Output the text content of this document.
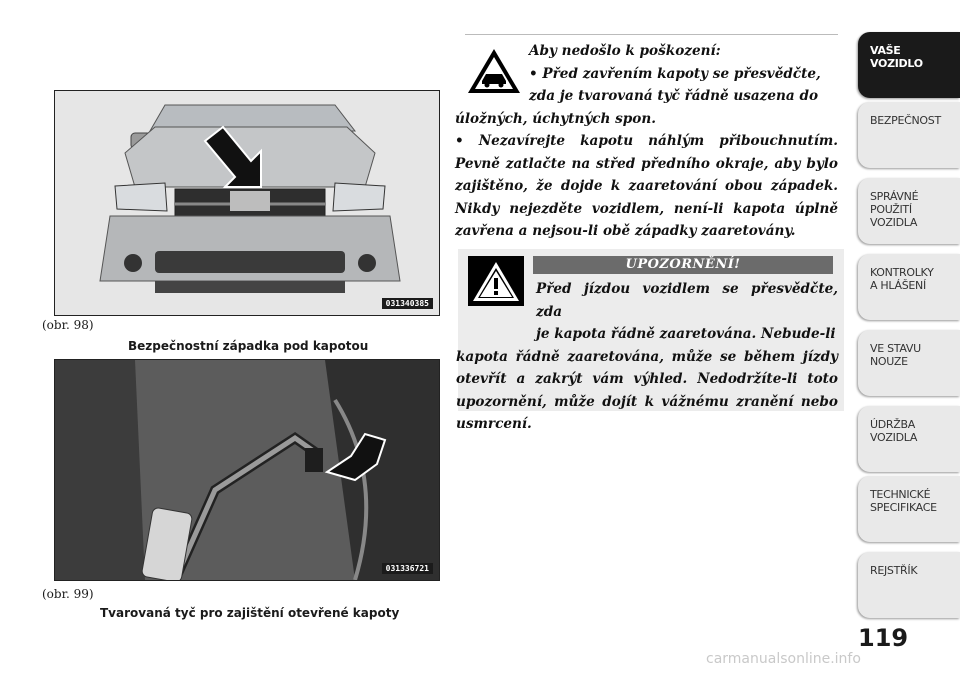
031340385
(obr. 98)
Bezpečnostní západka pod kapotou
031336721
(obr. 99)
Tvarovaná tyč pro zajištění otevřené kapoty

Aby nedošlo k poškození:

• Před zavřením kapoty se přesvědčte,

zda je tvarovaná tyč řádně usazena do

úložných, úchytných spon.

• Nezavírejte kapotu náhlým přibouchnutím. Pevně zatlačte na střed předního okraje, aby bylo zajištěno, že dojde k zaaretování obou západek. Nikdy nejezděte vozidlem, není-li kapota úplně zavřena a nejsou-li obě západky zaaretovány.

UPOZORNĚNÍ!
Před jízdou vozidlem se přesvědčte, zda
je kapota řádně zaaretována. Nebude-li
kapota řádně zaaretována, může se během jízdy otevřít a zakrýt vám výhled. Nedodržíte-li toto upozornění, může dojít k vážnému zranění nebo usmrcení.
VAŠE
VOZIDLO
BEZPEČNOST
SPRÁVNÉ
POUŽITÍ
VOZIDLA
KONTROLKY
A HLÁŠENÍ
VE STAVU
NOUZE
ÚDRŽBA
VOZIDLA
TECHNICKÉ
SPECIFIKACE
REJSTŘÍK
119
carmanualsonline.info
